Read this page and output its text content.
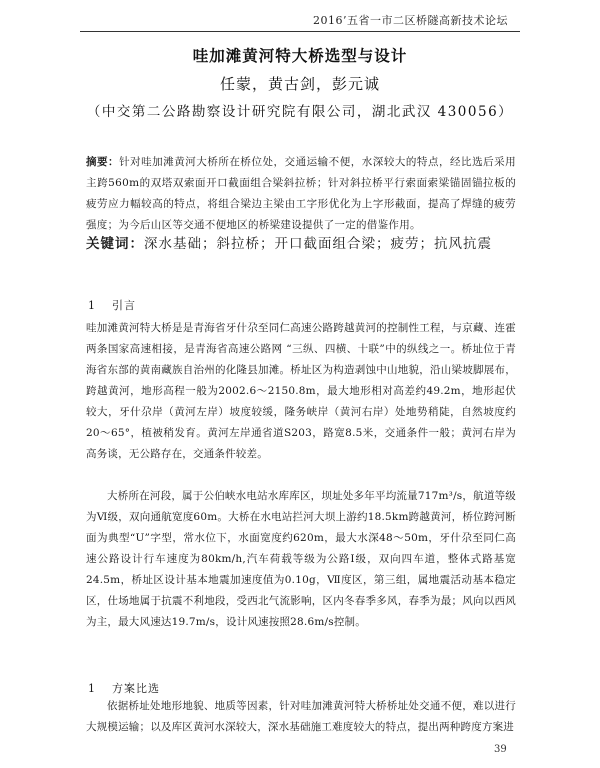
2016’五省一市二区桥隧高新技术论坛
哇加滩黄河特大桥选型与设计
任蒙，黄古剑，彭元诚
（中交第二公路勘察设计研究院有限公司，湖北武汉 430056）
摘要：针对哇加滩黄河大桥所在桥位处，交通运输不便，水深较大的特点，经比选后采用主跨560m的双塔双索面开口截面组合梁斜拉桥；针对斜拉桥平行索面索梁锚固锚拉板的疲劳应力幅较高的特点，将组合梁边主梁由工字形优化为上字形截面，提高了焊缝的疲劳强度；为今后山区等交通不便地区的桥梁建设提供了一定的借鉴作用。
关键词：深水基础；斜拉桥；开口截面组合梁；疲劳；抗风抗震
1 引言
哇加滩黄河特大桥是是青海省牙什尕至同仁高速公路跨越黄河的控制性工程，与京藏、连霍两条国家高速相接，是青海省高速公路网 “三纵、四横、十联”中的纵线之一。桥址位于青海省东部的黄南藏族自治州的化隆县加滩。桥址区为构造剥蚀中山地貌，沿山梁坡脚展布，跨越黄河，地形高程一般为2002.6～2150.8m，最大地形相对高差约49.2m，地形起伏较大，牙什尕岸（黄河左岸）坡度较缓，隆务峡岸（黄河右岸）处地势稍陡，自然坡度约20～65°，植被稍发育。黄河左岸通省道S203，路宽8.5米，交通条件一般；黄河右岸为高务谈，无公路存在，交通条件较差。
大桥所在河段，属于公伯峡水电站水库库区，坝址处多年平均流量717m³/s，航道等级为Ⅵ级，双向通航宽度60m。大桥在水电站拦河大坝上游约18.5km跨越黄河，桥位跨河断面为典型“U”字型，常水位下，水面宽度约620m，最大水深48～50m，牙什尕至同仁高速公路设计行车速度为80km/h,汽车荷载等级为公路Ⅰ级，双向四车道，整体式路基宽24.5m，桥址区设计基本地震加速度值为0.10g，Ⅶ度区，第三组，属地震活动基本稳定区，仕场地属于抗震不利地段，受西北气流影响，区内冬春季多风，春季为最；风向以西风为主，最大风速达19.7m/s，设计风速按照28.6m/s控制。
1 方案比选
依据桥址处地形地貌、地质等因素，针对哇加滩黄河特大桥桥址处交通不便，难以进行大规模运输；以及库区黄河水深较大，深水基础施工难度较大的特点，提出两种跨度方案进
39
